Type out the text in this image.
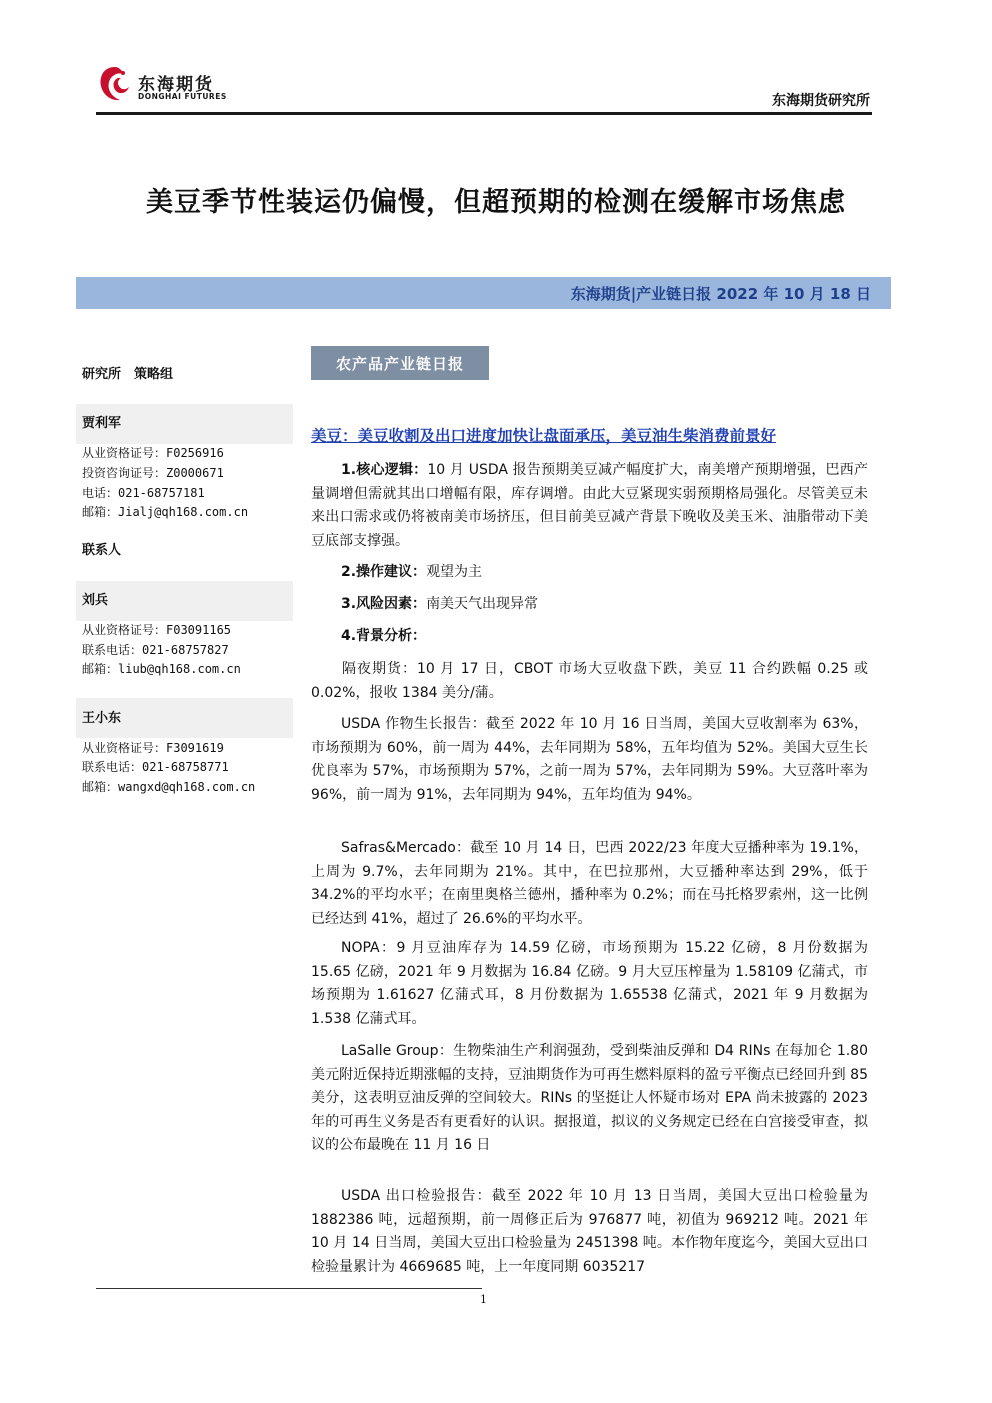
东海期货
DONGHAI FUTURES	东海期货研究所
美豆季节性装运仍偏慢，但超预期的检测在缓解市场焦虑
东海期货|产业链日报 2022 年 10 月 18 日
研究所　策略组
贾利军
从业资格证号：F0256916
投资咨询证号：Z0000671
电话：021-68757181
邮箱：Jialj@qh168.com.cn
联系人
刘兵
从业资格证号：F03091165
联系电话：021-68757827
邮箱：liub@qh168.com.cn
王小东
从业资格证号：F3091619
联系电话：021-68758771
邮箱：wangxd@qh168.com.cn
农产品产业链日报
美豆：美豆收割及出口进度加快让盘面承压，美豆油生柴消费前景好
1.核心逻辑：10 月 USDA 报告预期美豆减产幅度扩大，南美增产预期增强，巴西产量调增但需就其出口增幅有限，库存调增。由此大豆紧现实弱预期格局强化。尽管美豆未来出口需求或仍将被南美市场挤压，但目前美豆减产背景下晚收及美玉米、油脂带动下美豆底部支撑强。
2.操作建议：观望为主
3.风险因素：南美天气出现异常
4.背景分析：
隔夜期货：10 月 17 日，CBOT 市场大豆收盘下跌，美豆 11 合约跌幅 0.25 或 0.02%，报收 1384 美分/蒲。
USDA 作物生长报告：截至 2022 年 10 月 16 日当周，美国大豆收割率为 63%，市场预期为 60%，前一周为 44%，去年同期为 58%，五年均值为 52%。美国大豆生长优良率为 57%，市场预期为 57%，之前一周为 57%，去年同期为 59%。大豆落叶率为 96%，前一周为 91%，去年同期为 94%，五年均值为 94%。
Safras&Mercado：截至 10 月 14 日，巴西 2022/23 年度大豆播种率为 19.1%，上周为 9.7%，去年同期为 21%。其中，在巴拉那州，大豆播种率达到 29%，低于 34.2%的平均水平；在南里奥格兰德州，播种率为 0.2%；而在马托格罗索州，这一比例已经达到 41%，超过了 26.6%的平均水平。
NOPA：9 月豆油库存为 14.59 亿磅，市场预期为 15.22 亿磅，8 月份数据为 15.65 亿磅，2021 年 9 月数据为 16.84 亿磅。9 月大豆压榨量为 1.58109 亿蒲式，市场预期为 1.61627 亿蒲式耳，8 月份数据为 1.65538 亿蒲式，2021 年 9 月数据为 1.538 亿蒲式耳。
LaSalle Group：生物柴油生产利润强劲，受到柴油反弹和 D4 RINs 在每加仑 1.80 美元附近保持近期涨幅的支持，豆油期货作为可再生燃料原料的盈亏平衡点已经回升到 85 美分，这表明豆油反弹的空间较大。RINs 的坚挺让人怀疑市场对 EPA 尚未披露的 2023 年的可再生义务是否有更看好的认识。据报道，拟议的义务规定已经在白宫接受审查，拟议的公布最晚在 11 月 16 日
USDA 出口检验报告：截至 2022 年 10 月 13 日当周，美国大豆出口检验量为 1882386 吨，远超预期，前一周修正后为 976877 吨，初值为 969212 吨。2021 年 10 月 14 日当周，美国大豆出口检验量为 2451398 吨。本作物年度迄今，美国大豆出口检验量累计为 4669685 吨，上一年度同期 6035217
1
